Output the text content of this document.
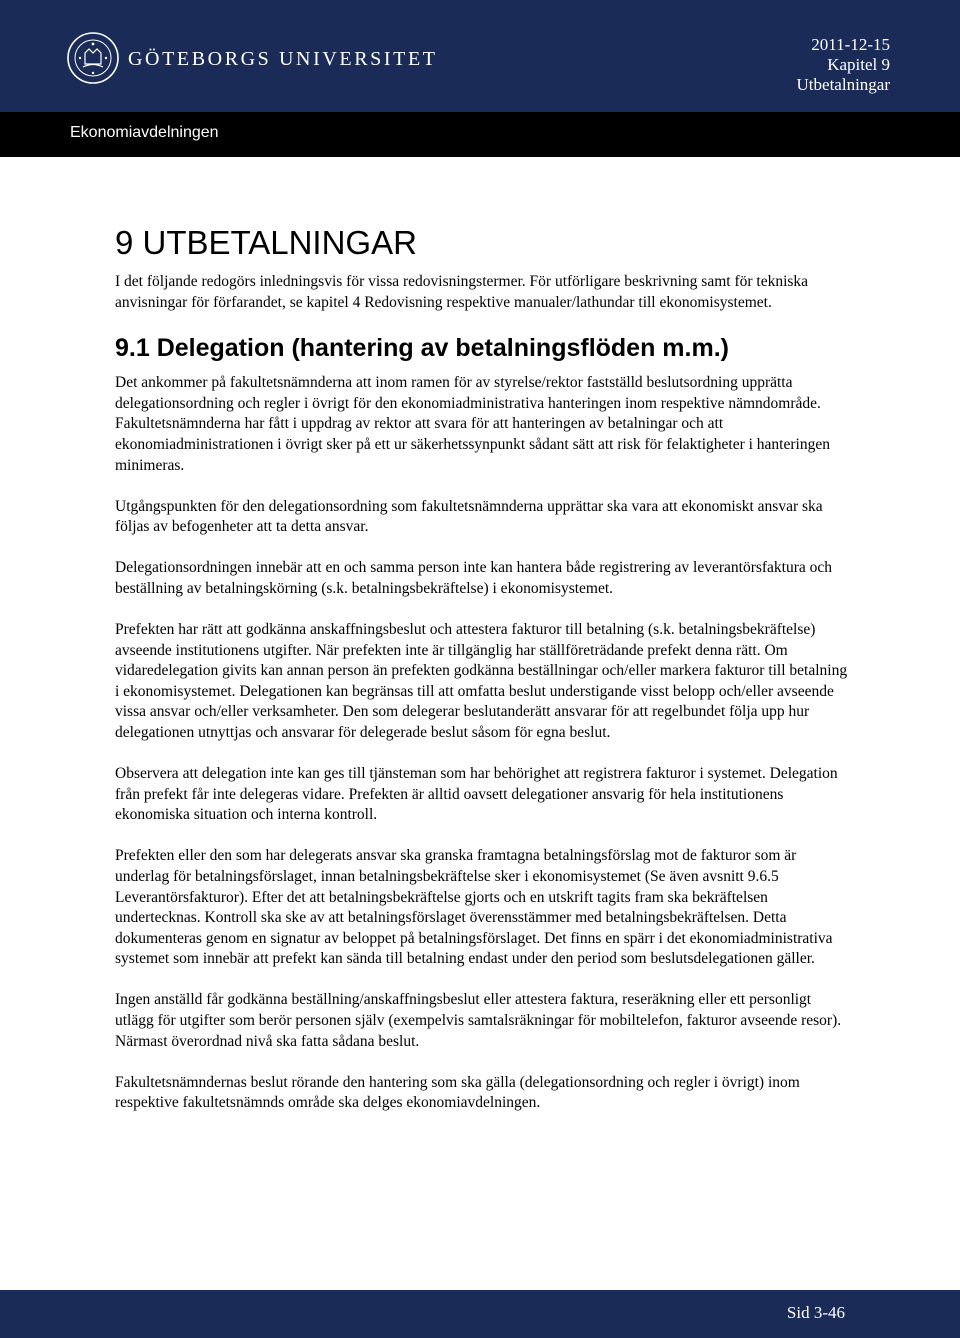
GÖTEBORGS UNIVERSITET
2011-12-15
Kapitel 9
Utbetalningar
Ekonomiavdelningen
9 UTBETALNINGAR

I det följande redogörs inledningsvis för vissa redovisningstermer. För utförligare beskrivning samt för tekniska anvisningar för förfarandet, se kapitel 4 Redovisning respektive manualer/lathundar till ekonomisystemet.

9.1 Delegation (hantering av betalningsflöden m.m.)

Det ankommer på fakultetsnämnderna att inom ramen för av styrelse/rektor fastställd beslutsordning upprätta delegationsordning och regler i övrigt för den ekonomiadministrativa hanteringen inom respektive nämndområde. Fakultetsnämnderna har fått i uppdrag av rektor att svara för att hanteringen av betalningar och att ekonomiadministrationen i övrigt sker på ett ur säkerhetssynpunkt sådant sätt att risk för felaktigheter i hanteringen minimeras.

Utgångspunkten för den delegationsordning som fakultetsnämnderna upprättar ska vara att ekonomiskt ansvar ska följas av befogenheter att ta detta ansvar.

Delegationsordningen innebär att en och samma person inte kan hantera både registrering av leverantörsfaktura och beställning av betalningskörning (s.k. betalningsbekräftelse) i ekonomisystemet.

Prefekten har rätt att godkänna anskaffningsbeslut och attestera fakturor till betalning (s.k. betalningsbekräftelse) avseende institutionens utgifter. När prefekten inte är tillgänglig har ställföreträdande prefekt denna rätt. Om vidaredelegation givits kan annan person än prefekten godkänna beställningar och/eller markera fakturor till betalning i ekonomisystemet. Delegationen kan begränsas till att omfatta beslut understigande visst belopp och/eller avseende vissa ansvar och/eller verksamheter. Den som delegerar beslutanderätt ansvarar för att regelbundet följa upp hur delegationen utnyttjas och ansvarar för delegerade beslut såsom för egna beslut.

Observera att delegation inte kan ges till tjänsteman som har behörighet att registrera fakturor i systemet. Delegation från prefekt får inte delegeras vidare. Prefekten är alltid oavsett delegationer ansvarig för hela institutionens ekonomiska situation och interna kontroll.

Prefekten eller den som har delegerats ansvar ska granska framtagna betalningsförslag mot de fakturor som är underlag för betalningsförslaget, innan betalningsbekräftelse sker i ekonomisystemet (Se även avsnitt 9.6.5 Leverantörsfakturor). Efter det att betalningsbekräftelse gjorts och en utskrift tagits fram ska bekräftelsen undertecknas. Kontroll ska ske av att betalningsförslaget överensstämmer med betalningsbekräftelsen. Detta dokumenteras genom en signatur av beloppet på betalningsförslaget. Det finns en spärr i det ekonomiadministrativa systemet som innebär att prefekt kan sända till betalning endast under den period som beslutsdelegationen gäller.

Ingen anställd får godkänna beställning/anskaffningsbeslut eller attestera faktura, reseräkning eller ett personligt utlägg för utgifter som berör personen själv (exempelvis samtalsräkningar för mobiltelefon, fakturor avseende resor). Närmast överordnad nivå ska fatta sådana beslut.

Fakultetsnämndernas beslut rörande den hantering som ska gälla (delegationsordning och regler i övrigt) inom respektive fakultetsnämnds område ska delges ekonomiavdelningen.

Sid 3-46
